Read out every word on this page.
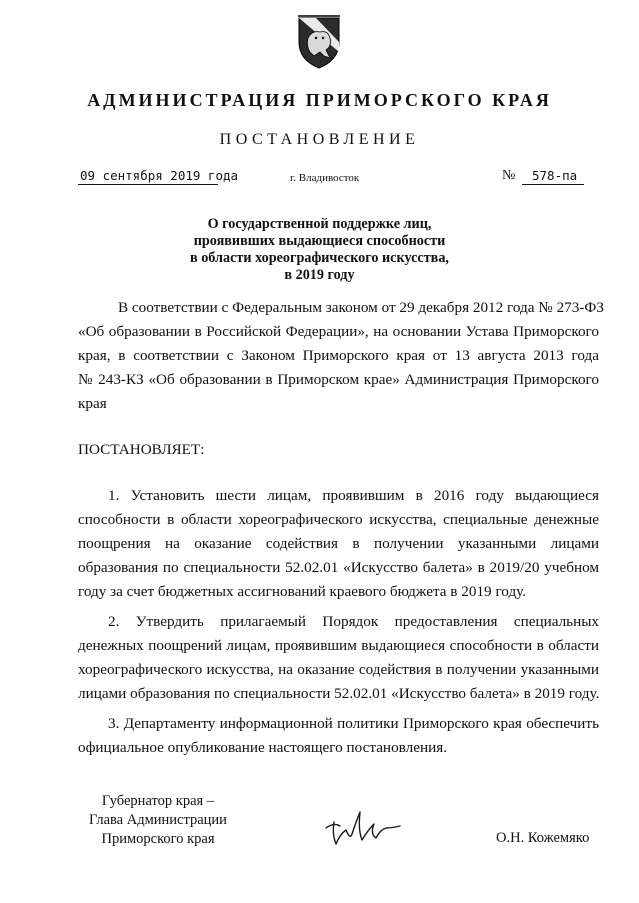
АДМИНИСТРАЦИЯ ПРИМОРСКОГО КРАЯ
ПОСТАНОВЛЕНИЕ
09 сентября 2019 года	г. Владивосток	№ 578-па
О государственной поддержке лиц,
проявивших выдающиеся способности
в области хореографического искусства,
в 2019 году
В соответствии с Федеральным законом от 29 декабря 2012 года № 273-ФЗ
«Об образовании в Российской Федерации», на основании Устава Приморского
края, в соответствии с Законом Приморского края от 13 августа 2013 года
№ 243-КЗ «Об образовании в Приморском крае» Администрация Приморского
края
ПОСТАНОВЛЯЕТ:
1. Установить шести лицам, проявившим в 2016 году выдающиеся
способности в области хореографического искусства, специальные денежные
поощрения на оказание содействия в получении указанными лицами
образования по специальности 52.02.01 «Искусство балета» в 2019/20 учебном
году за счет бюджетных ассигнований краевого бюджета в 2019 году.
2. Утвердить прилагаемый Порядок предоставления специальных
денежных поощрений лицам, проявившим выдающиеся способности в области
хореографического искусства, на оказание содействия в получении указанными
лицами образования по специальности 52.02.01 «Искусство балета» в 2019 году.
3. Департаменту информационной политики Приморского края обеспечить
официальное опубликование настоящего постановления.
Губернатор края –
Глава Администрации
Приморского края	О.Н. Кожемяко
